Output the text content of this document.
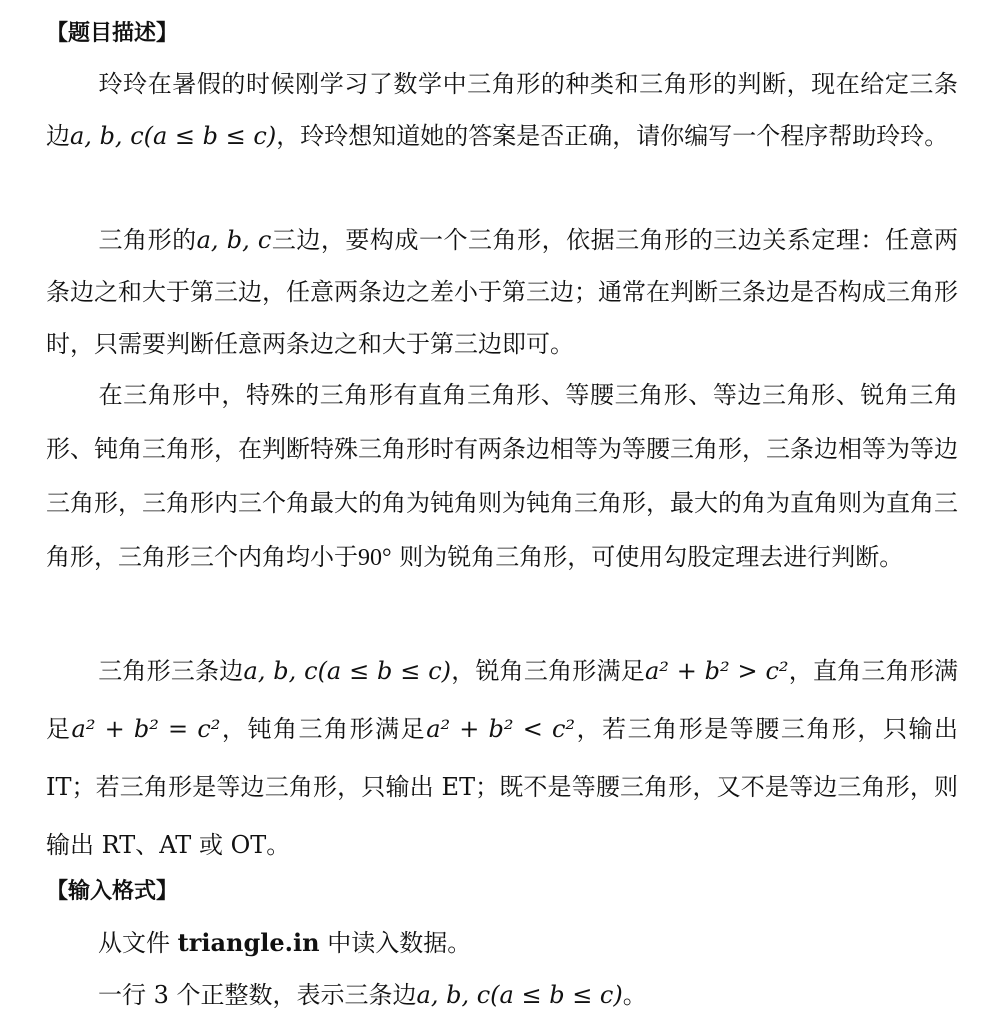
【题目描述】
玲玲在暑假的时候刚学习了数学中三角形的种类和三角形的判断，现在给定三条边a, b, c(a ≤ b ≤ c)，玲玲想知道她的答案是否正确，请你编写一个程序帮助玲玲。
三角形的a, b, c三边，要构成一个三角形，依据三角形的三边关系定理：任意两条边之和大于第三边，任意两条边之差小于第三边；通常在判断三条边是否构成三角形时，只需要判断任意两条边之和大于第三边即可。
在三角形中，特殊的三角形有直角三角形、等腰三角形、等边三角形、锐角三角形、钝角三角形，在判断特殊三角形时有两条边相等为等腰三角形，三条边相等为等边三角形，三角形内三个角最大的角为钝角则为钝角三角形，最大的角为直角则为直角三角形，三角形三个内角均小于90° 则为锐角三角形，可使用勾股定理去进行判断。
三角形三条边a, b, c(a ≤ b ≤ c)，锐角三角形满足a² + b² > c²，直角三角形满足a² + b² = c²，钝角三角形满足a² + b² < c²，若三角形是等腰三角形，只输出 IT；若三角形是等边三角形，只输出 ET；既不是等腰三角形，又不是等边三角形，则输出 RT、AT 或 OT。
【输入格式】
从文件 triangle.in 中读入数据。
一行 3 个正整数，表示三条边a, b, c(a ≤ b ≤ c)。
